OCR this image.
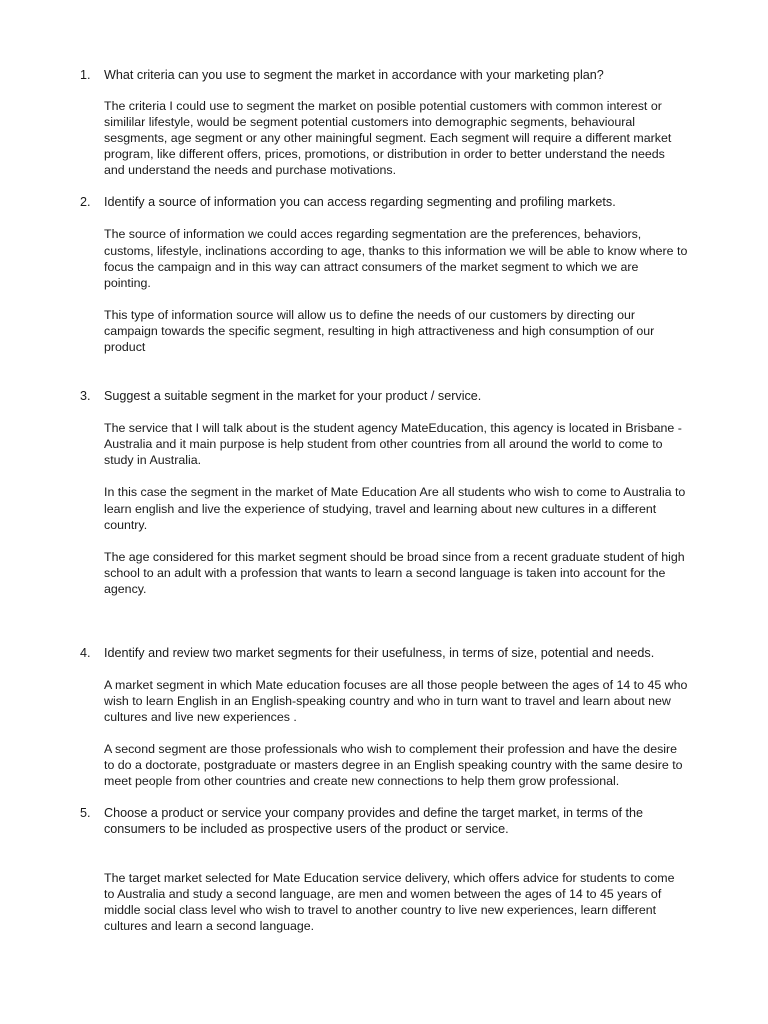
1.	What criteria can you use to segment the market in accordance with your marketing plan?

The criteria I could use to segment the market on posible potential customers with common interest or simililar lifestyle, would be segment potential customers into demographic segments, behavioural sesgments, age segment or any other mainingful segment. Each segment will require a different market program, like different offers, prices, promotions, or distribution in order to better understand the needs and understand the needs and purchase motivations.

2.	Identify a source of information you can access regarding segmenting and profiling markets.

The source of information we could acces regarding segmentation are the preferences, behaviors, customs, lifestyle, inclinations according to age, thanks to this information we will be able to know where to focus the campaign and in this way can attract consumers of the market segment to which we are pointing.

This type of information source will allow us to define the needs of our customers by directing our campaign towards the specific segment, resulting in high attractiveness and high consumption of our product

3.	Suggest a suitable segment in the market for your product / service.

The service that I will talk about is the student agency MateEducation, this agency is located in Brisbane - Australia and it main purpose is help student from other countries from all around the world to come to study in Australia.

In this case the segment in the market of Mate Education Are all students who wish to come to Australia to learn english and live the experience of studying, travel and learning about new cultures in a different country.

The age considered for this market segment should be broad since from a recent graduate student of high school to an adult with a profession that wants to learn a second language is taken into account for the agency.

4.	Identify and review two market segments for their usefulness, in terms of size, potential and needs.

A market segment in which Mate education focuses are all those people between the ages of 14 to 45 who wish to learn English in an English-speaking country and who in turn want to travel and learn about new cultures and live new experiences .

A second segment are those professionals who wish to complement their profession and have the desire to do a doctorate, postgraduate or masters degree in an English speaking country with the same desire to meet people from other countries and create new connections to help them grow professional.

5.	Choose a product or service your company provides and define the target market, in terms of the consumers to be included as prospective users of the product or service.

The target market selected for Mate Education service delivery, which offers advice for students to come to Australia and study a second language, are men and women between the ages of 14 to 45 years of middle social class level who wish to travel to another country to live new experiences, learn different cultures and learn a second language.
